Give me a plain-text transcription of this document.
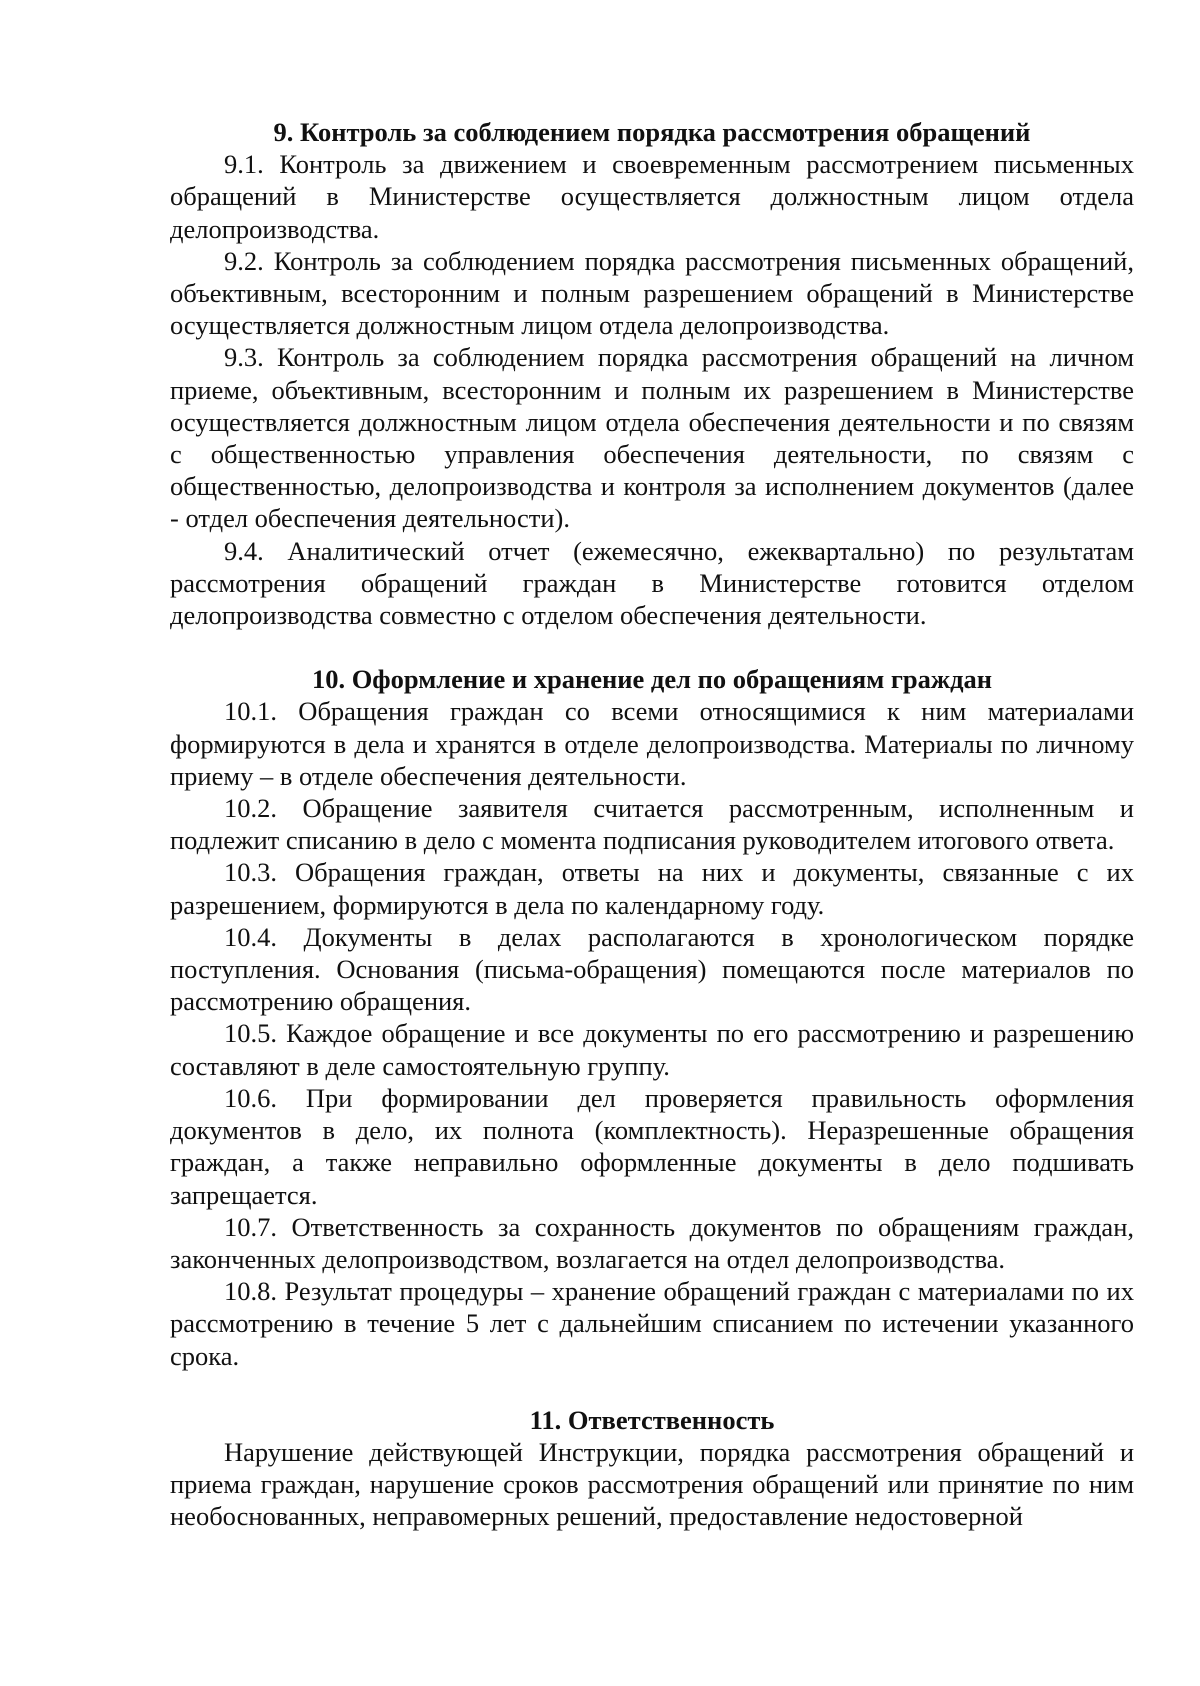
9. Контроль за соблюдением порядка рассмотрения обращений

9.1. Контроль за движением и своевременным рассмотрением письменных обращений в Министерстве осуществляется должностным лицом отдела делопроизводства.

9.2. Контроль за соблюдением порядка рассмотрения письменных обращений, объективным, всесторонним и полным разрешением обращений в Министерстве осуществляется должностным лицом отдела делопроизводства.

9.3. Контроль за соблюдением порядка рассмотрения обращений на личном приеме, объективным, всесторонним и полным их разрешением в Министерстве осуществляется должностным лицом отдела обеспечения деятельности и по связям с общественностью управления обеспечения деятельности, по связям с общественностью, делопроизводства и контроля за исполнением документов (далее - отдел обеспечения деятельности).

9.4. Аналитический отчет (ежемесячно, ежеквартально) по результатам рассмотрения обращений граждан в Министерстве готовится отделом делопроизводства совместно с отделом обеспечения деятельности.

10. Оформление и хранение дел по обращениям граждан

10.1. Обращения граждан со всеми относящимися к ним материалами формируются в дела и хранятся в отделе делопроизводства. Материалы по личному приему – в отделе обеспечения деятельности.

10.2. Обращение заявителя считается рассмотренным, исполненным и подлежит списанию в дело с момента подписания руководителем итогового ответа.

10.3. Обращения граждан, ответы на них и документы, связанные с их разрешением, формируются в дела по календарному году.

10.4. Документы в делах располагаются в хронологическом порядке поступления. Основания (письма-обращения) помещаются после материалов по рассмотрению обращения.

10.5. Каждое обращение и все документы по его рассмотрению и разрешению составляют в деле самостоятельную группу.

10.6. При формировании дел проверяется правильность оформления документов в дело, их полнота (комплектность). Неразрешенные обращения граждан, а также неправильно оформленные документы в дело подшивать запрещается.

10.7. Ответственность за сохранность документов по обращениям граждан, законченных делопроизводством, возлагается на отдел делопроизводства.

10.8. Результат процедуры – хранение обращений граждан с материалами по их рассмотрению в течение 5 лет с дальнейшим списанием по истечении указанного срока.

11. Ответственность

Нарушение действующей Инструкции, порядка рассмотрения обращений и приема граждан, нарушение сроков рассмотрения обращений или принятие по ним необоснованных, неправомерных решений, предоставление недостоверной
